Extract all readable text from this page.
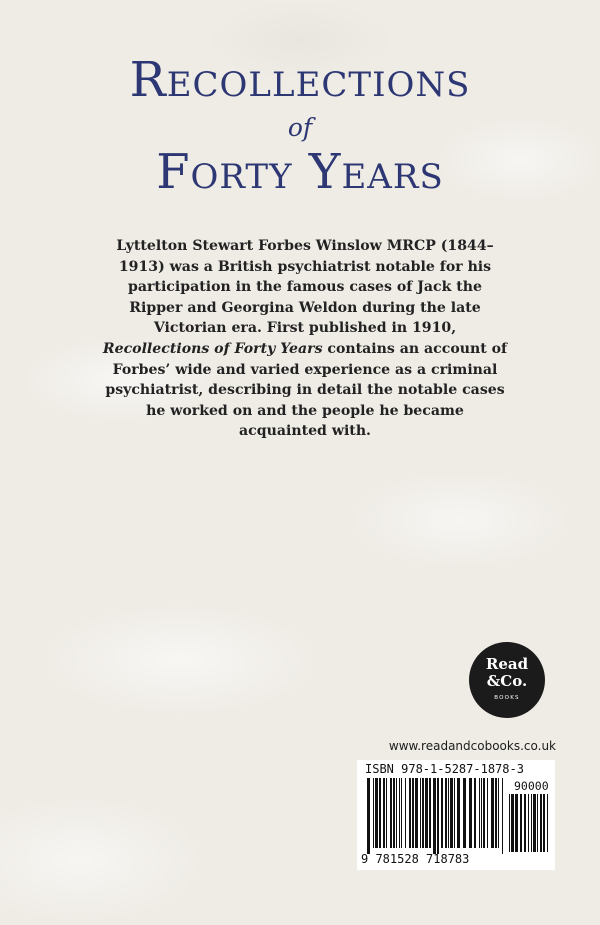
Recollections
of
Forty Years
Lyttelton Stewart Forbes Winslow MRCP (1844–1913) was a British psychiatrist notable for his participation in the famous cases of Jack the Ripper and Georgina Weldon during the late Victorian era. First published in 1910, Recollections of Forty Years contains an account of Forbes’ wide and varied experience as a criminal psychiatrist, describing in detail the notable cases he worked on and the people he became acquainted with.
Read
&Co.
BOOKS
www.readandcobooks.co.uk
ISBN 978-1-5287-1878-3
90000
9 781528 718783
